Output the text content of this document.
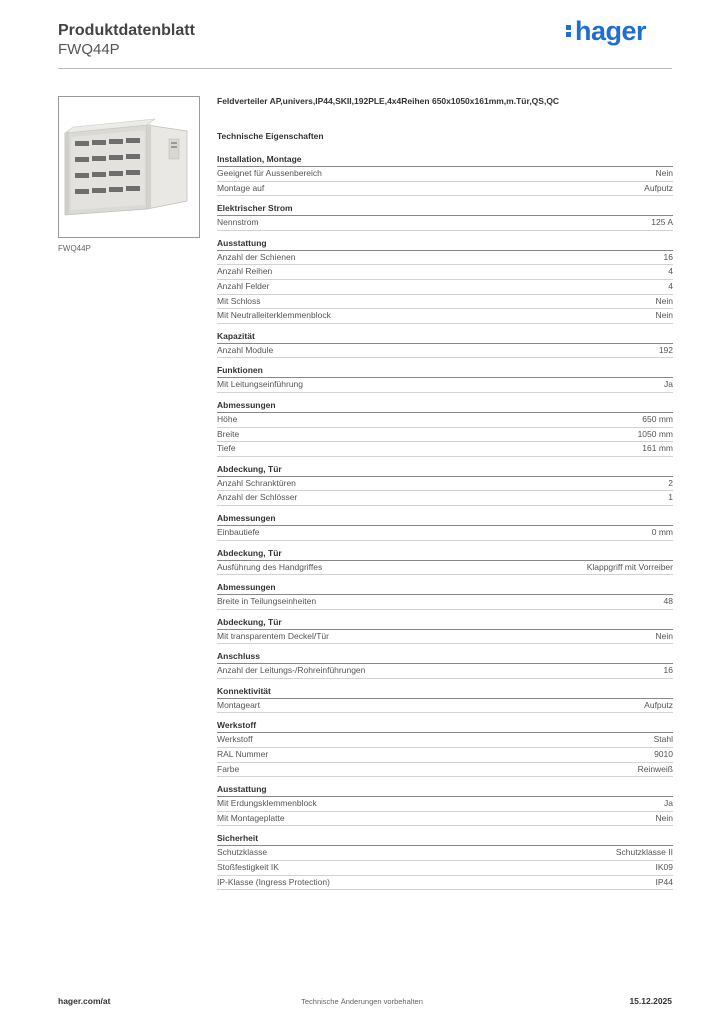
Produktdatenblatt
FWQ44P
hager
FWQ44P
Feldverteiler AP,univers,IP44,SKII,192PLE,4x4Reihen 650x1050x161mm,m.Tür,QS,QC
Technische Eigenschaften
Installation, Montage
Geeignet für Aussenbereich	Nein
Montage auf	Aufputz
Elektrischer Strom
Nennstrom	125 A
Ausstattung
Anzahl der Schienen	16
Anzahl Reihen	4
Anzahl Felder	4
Mit Schloss	Nein
Mit Neutralleiterklemmenblock	Nein
Kapazität
Anzahl Module	192
Funktionen
Mit Leitungseinführung	Ja
Abmessungen
Höhe	650 mm
Breite	1050 mm
Tiefe	161 mm
Abdeckung, Tür
Anzahl Schranktüren	2
Anzahl der Schlösser	1
Abmessungen
Einbautiefe	0 mm
Abdeckung, Tür
Ausführung des Handgriffes	Klappgriff mit Vorreiber
Abmessungen
Breite in Teilungseinheiten	48
Abdeckung, Tür
Mit transparentem Deckel/Tür	Nein
Anschluss
Anzahl der Leitungs-/Rohreinführungen	16
Konnektivität
Montageart	Aufputz
Werkstoff
Werkstoff	Stahl
RAL Nummer	9010
Farbe	Reinweiß
Ausstattung
Mit Erdungsklemmenblock	Ja
Mit Montageplatte	Nein
Sicherheit
Schutzklasse	Schutzklasse II
Stoßfestigkeit IK	IK09
IP-Klasse (Ingress Protection)	IP44
hager.com/at	Technische Änderungen vorbehalten	15.12.2025
